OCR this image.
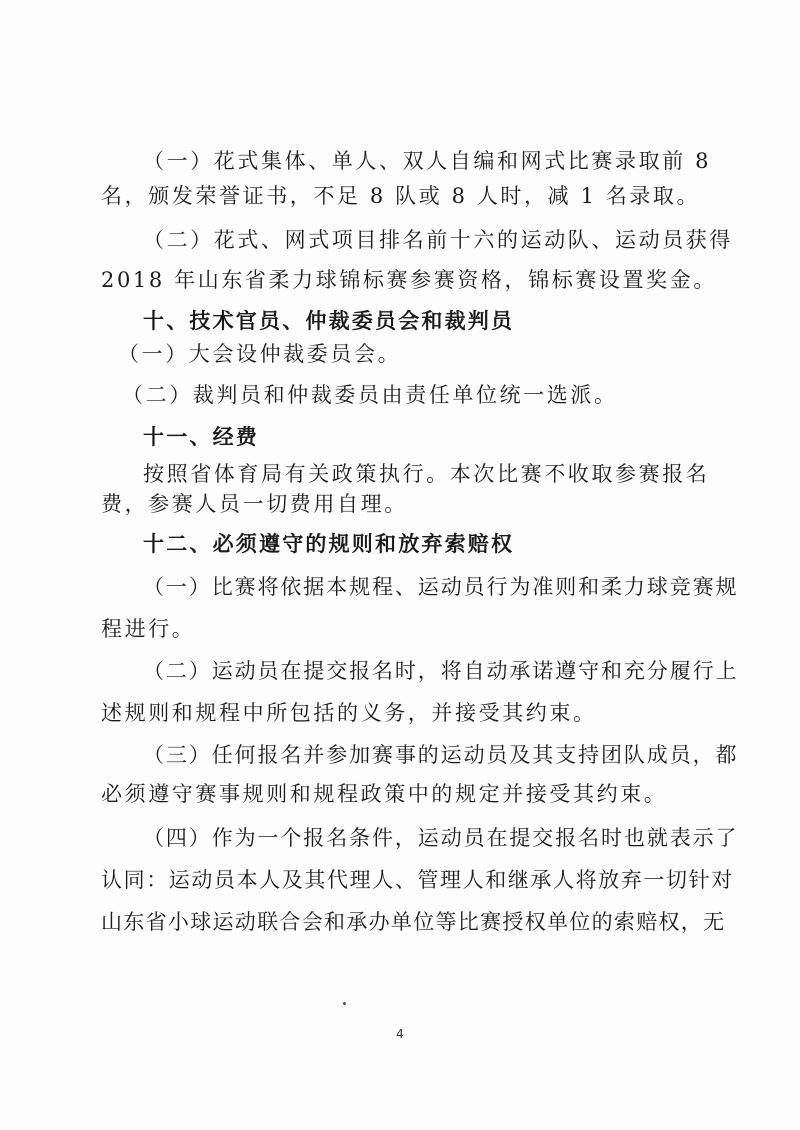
（一）花式集体、单人、双人自编和网式比赛录取前 8
名，颁发荣誉证书，不足 8 队或 8 人时，减 1 名录取。
（二）花式、网式项目排名前十六的运动队、运动员获得
2018 年山东省柔力球锦标赛参赛资格，锦标赛设置奖金。
十、技术官员、仲裁委员会和裁判员
（一）大会设仲裁委员会。
（二）裁判员和仲裁委员由责任单位统一选派。
十一、经费
按照省体育局有关政策执行。本次比赛不收取参赛报名
费，参赛人员一切费用自理。
十二、必须遵守的规则和放弃索赔权
（一）比赛将依据本规程、运动员行为准则和柔力球竞赛规
程进行。
（二）运动员在提交报名时，将自动承诺遵守和充分履行上
述规则和规程中所包括的义务，并接受其约束。
（三）任何报名并参加赛事的运动员及其支持团队成员，都
必须遵守赛事规则和规程政策中的规定并接受其约束。
（四）作为一个报名条件，运动员在提交报名时也就表示了
认同：运动员本人及其代理人、管理人和继承人将放弃一切针对
山东省小球运动联合会和承办单位等比赛授权单位的索赔权，无
4
